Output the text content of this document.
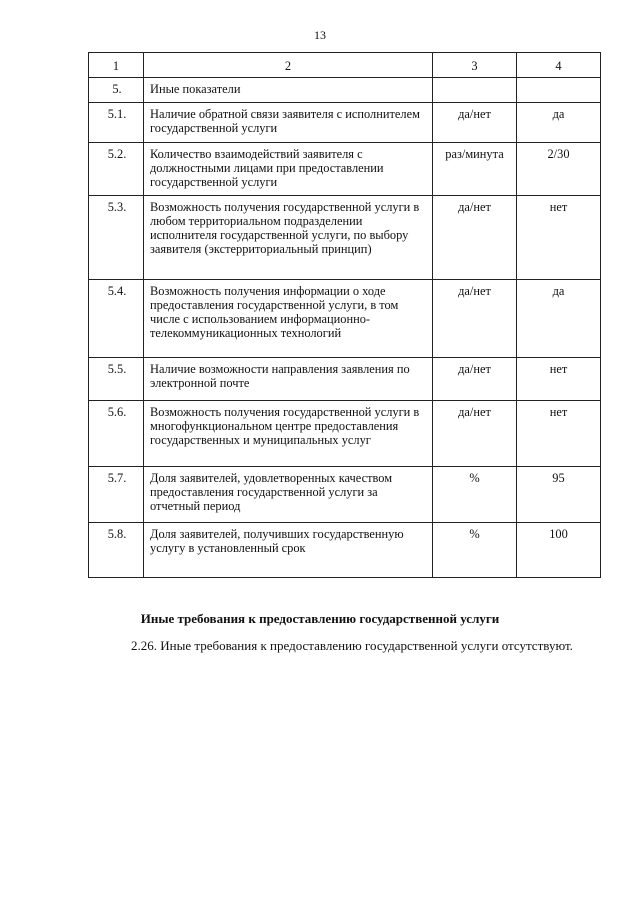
13
1	2	3	4
5.	Иные показатели		
5.1.	Наличие обратной связи заявителя с исполнителем государственной услуги	да/нет	да
5.2.	Количество взаимодействий заявителя с должностными лицами при предоставлении государственной услуги	раз/минута	2/30
5.3.	Возможность получения государственной услуги в любом территориальном подразделении исполнителя государственной услуги, по выбору заявителя (экстерриториальный принцип)	да/нет	нет
5.4.	Возможность получения информации о ходе предоставления государственной услуги, в том числе с использованием информационно-телекоммуникационных технологий	да/нет	да
5.5.	Наличие возможности направления заявления по электронной почте	да/нет	нет
5.6.	Возможность получения государственной услуги в многофункциональном центре предоставления государственных и муниципальных услуг	да/нет	нет
5.7.	Доля заявителей, удовлетворенных качеством предоставления государственной услуги за отчетный период	%	95
5.8.	Доля заявителей, получивших государственную услугу в установленный срок	%	100
Иные требования к предоставлению государственной услуги
2.26. Иные требования к предоставлению государственной услуги отсутствуют.
